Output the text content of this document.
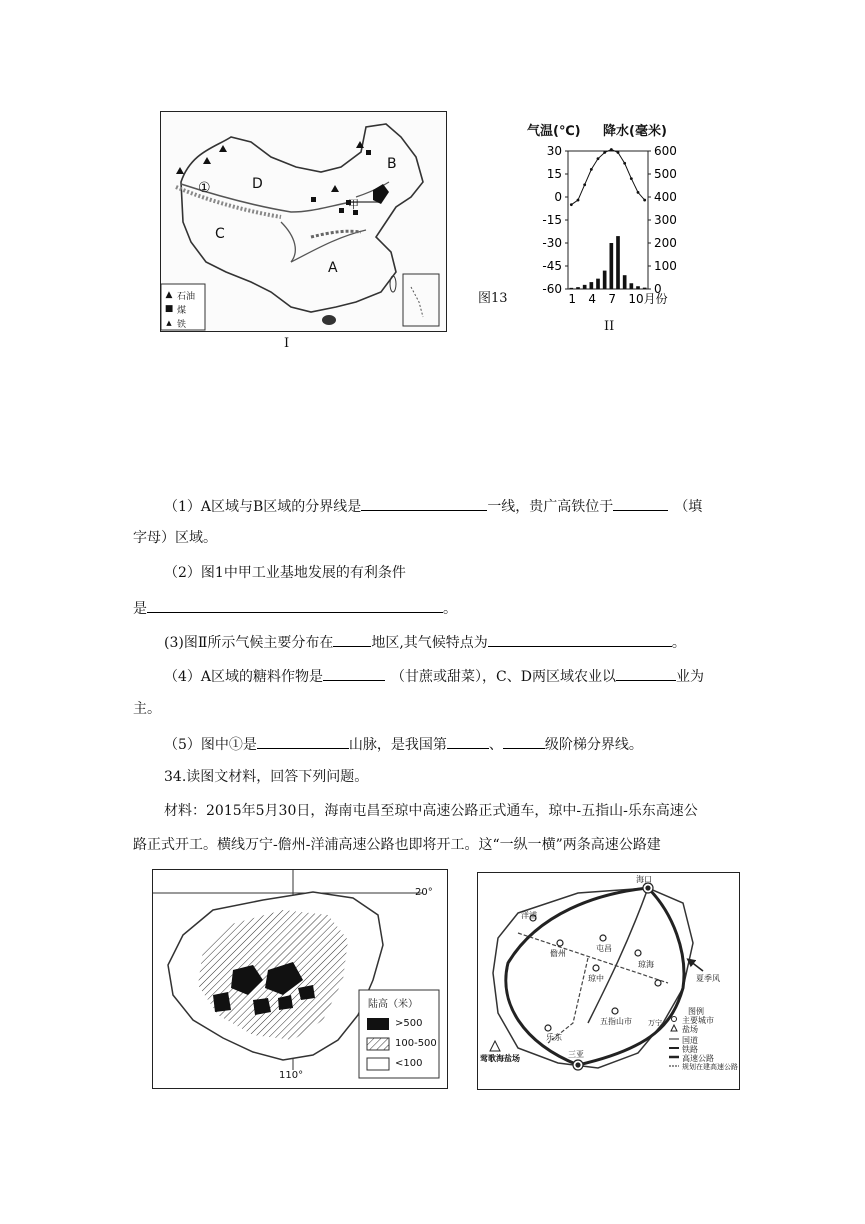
①	D
B
C
A
甲
▲ 石油
■ 煤
▲ 铁
I
图13
气温(℃) 降水(毫米)
30
15
0
-15
-30
-45
-60
600
500
400
300
200
100
0
1 4 7 10月份
II
（1）A区域与B区域的分界线是	一线，贵广高铁位于	（填
字母）区域。
（2）图1中甲工业基地发展的有利条件
是	。
(3)图Ⅱ所示气候主要分布在	地区,其气候特点为	。
（4）A区域的糖料作物是	（甘蔗或甜菜），C、D两区域农业以	业为
主。
（5）图中①是	山脉，是我国第	、	级阶梯分界线。
34.读图文材料，回答下列问题。
材料：2015年5月30日，海南屯昌至琼中高速公路正式通车，琼中-五指山-乐东高速公
路正式开工。横线万宁-儋州-洋浦高速公路也即将开工。这“一纵一横”两条高速公路建
20°
110°
陆高（米）
>500
100-500
<100
海口
洋浦
儋州
屯昌
琼海
琼中
五指山市
乐东
三亚
莺歌海盐场
万宁
夏季风
图例
主要城市
盐场
国道
铁路
高速公路
规划在建高速公路
